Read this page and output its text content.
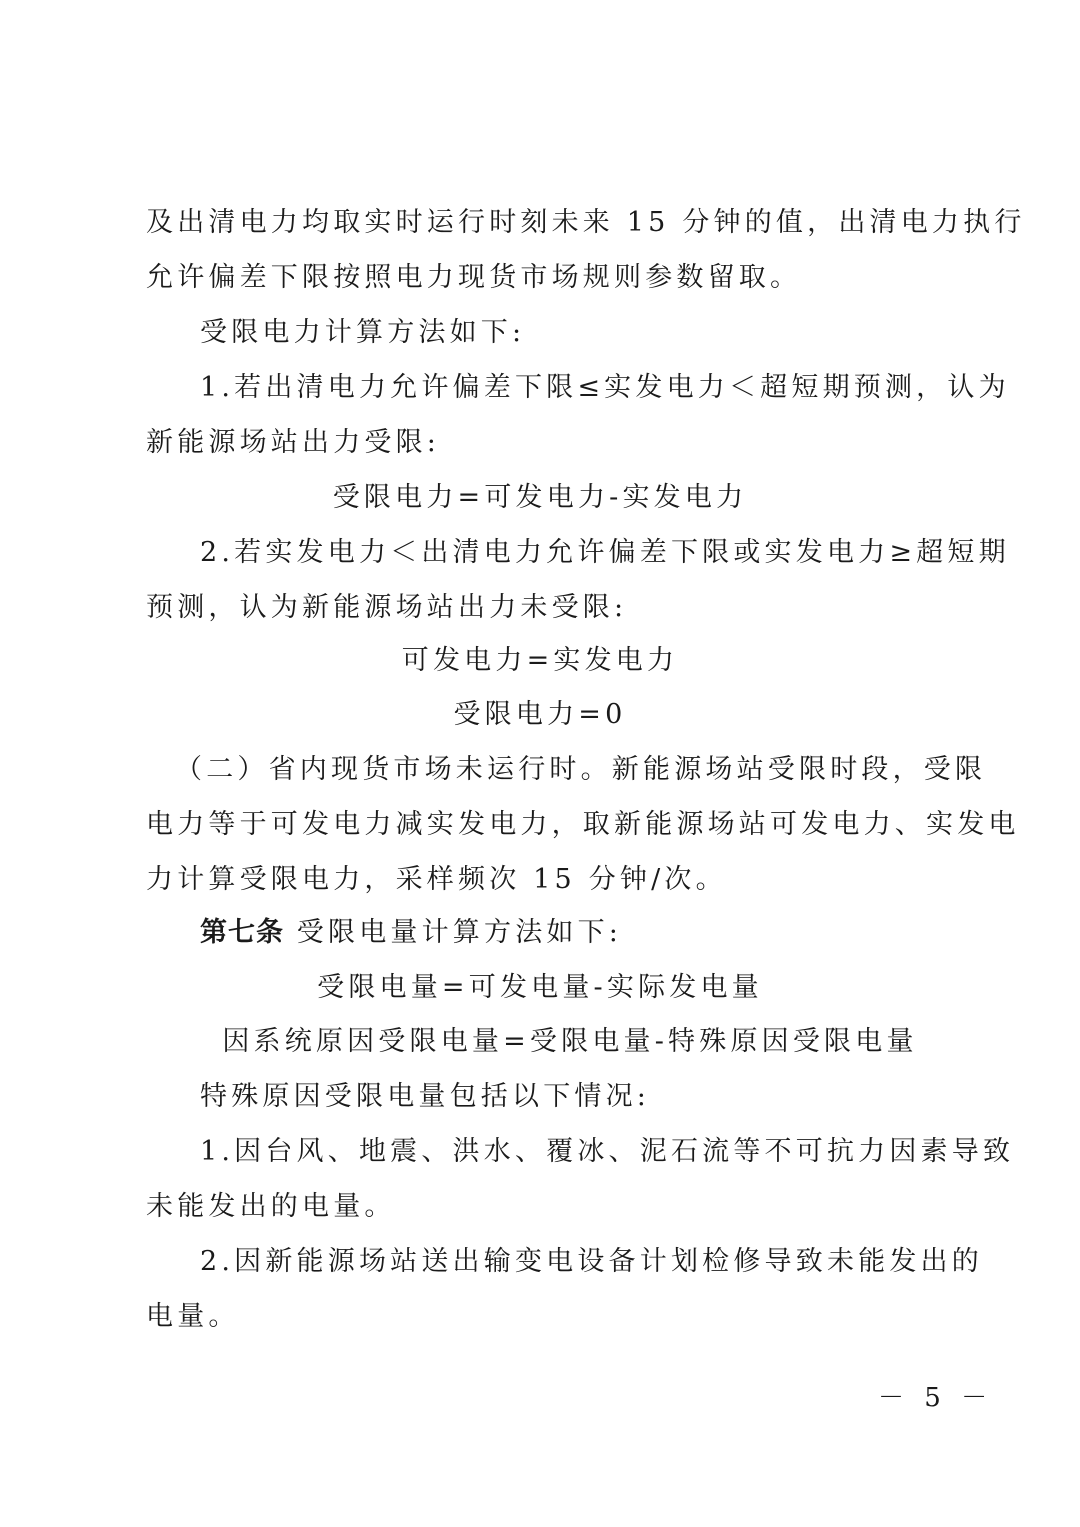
及出清电力均取实时运行时刻未来 15 分钟的值，出清电力执行
允许偏差下限按照电力现货市场规则参数留取。
受限电力计算方法如下:
1.若出清电力允许偏差下限≤实发电力＜超短期预测，认为
新能源场站出力受限:
受限电力=可发电力-实发电力
2.若实发电力＜出清电力允许偏差下限或实发电力≥超短期
预测，认为新能源场站出力未受限:
可发电力=实发电力
受限电力=0
（二）省内现货市场未运行时。新能源场站受限时段，受限
电力等于可发电力减实发电力，取新能源场站可发电力、实发电
力计算受限电力，采样频次 15 分钟/次。
第七条 受限电量计算方法如下:
受限电量=可发电量-实际发电量
因系统原因受限电量=受限电量-特殊原因受限电量
特殊原因受限电量包括以下情况:
1.因台风、地震、洪水、覆冰、泥石流等不可抗力因素导致
未能发出的电量。
2.因新能源场站送出输变电设备计划检修导致未能发出的
电量。
－ 5 －
